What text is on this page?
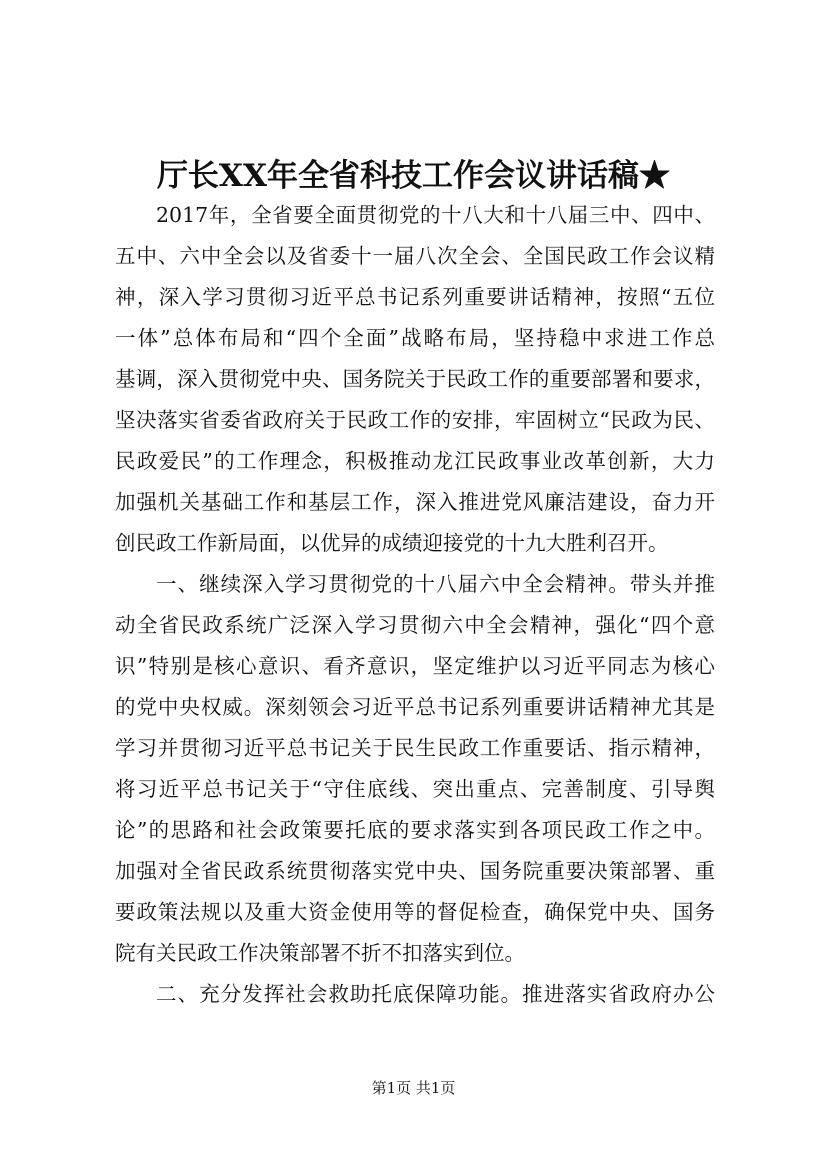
厅长XX年全省科技工作会议讲话稿★
2017年，全省要全面贯彻党的十八大和十八届三中、四中、
五中、六中全会以及省委十一届八次全会、全国民政工作会议精
神，深入学习贯彻习近平总书记系列重要讲话精神，按照“五位
一体”总体布局和“四个全面”战略布局，坚持稳中求进工作总
基调，深入贯彻党中央、国务院关于民政工作的重要部署和要求，
坚决落实省委省政府关于民政工作的安排，牢固树立“民政为民、
民政爱民”的工作理念，积极推动龙江民政事业改革创新，大力
加强机关基础工作和基层工作，深入推进党风廉洁建设，奋力开
创民政工作新局面，以优异的成绩迎接党的十九大胜利召开。
一、继续深入学习贯彻党的十八届六中全会精神。带头并推
动全省民政系统广泛深入学习贯彻六中全会精神，强化“四个意
识”特别是核心意识、看齐意识，坚定维护以习近平同志为核心
的党中央权威。深刻领会习近平总书记系列重要讲话精神尤其是
学习并贯彻习近平总书记关于民生民政工作重要话、指示精神，
将习近平总书记关于“守住底线、突出重点、完善制度、引导舆
论”的思路和社会政策要托底的要求落实到各项民政工作之中。
加强对全省民政系统贯彻落实党中央、国务院重要决策部署、重
要政策法规以及重大资金使用等的督促检查，确保党中央、国务
院有关民政工作决策部署不折不扣落实到位。
二、充分发挥社会救助托底保障功能。推进落实省政府办公
第1页 共1页
